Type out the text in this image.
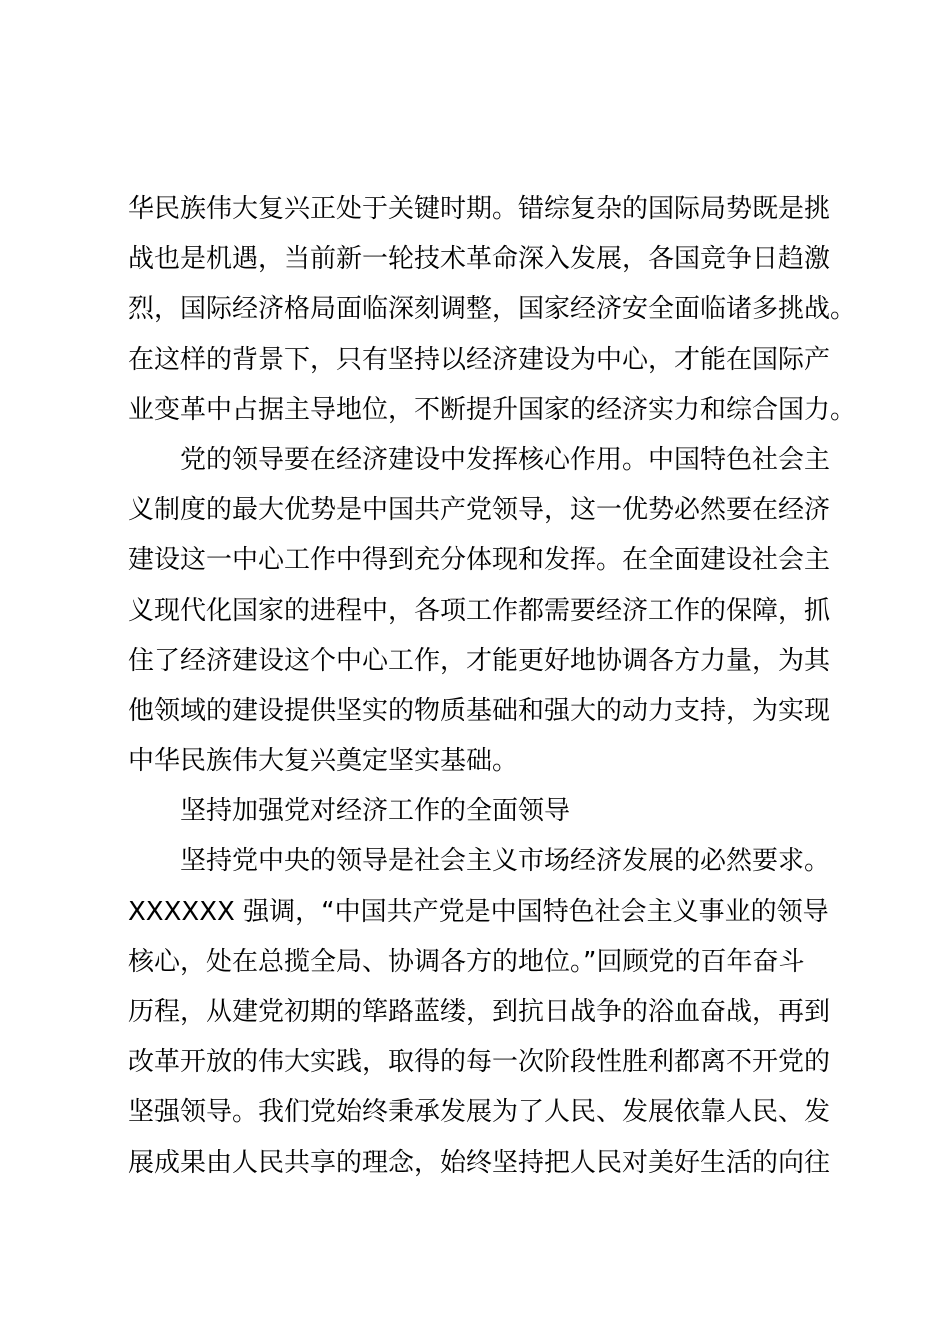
华民族伟大复兴正处于关键时期。错综复杂的国际局势既是挑
战也是机遇，当前新一轮技术革命深入发展，各国竞争日趋激
烈，国际经济格局面临深刻调整，国家经济安全面临诸多挑战。
在这样的背景下，只有坚持以经济建设为中心，才能在国际产
业变革中占据主导地位，不断提升国家的经济实力和综合国力。
党的领导要在经济建设中发挥核心作用。中国特色社会主
义制度的最大优势是中国共产党领导，这一优势必然要在经济
建设这一中心工作中得到充分体现和发挥。在全面建设社会主
义现代化国家的进程中，各项工作都需要经济工作的保障，抓
住了经济建设这个中心工作，才能更好地协调各方力量，为其
他领域的建设提供坚实的物质基础和强大的动力支持，为实现
中华民族伟大复兴奠定坚实基础。
坚持加强党对经济工作的全面领导
坚持党中央的领导是社会主义市场经济发展的必然要求。
XXXXXX 强调，“中国共产党是中国特色社会主义事业的领导
核心，处在总揽全局、协调各方的地位。”回顾党的百年奋斗
历程，从建党初期的筚路蓝缕，到抗日战争的浴血奋战，再到
改革开放的伟大实践，取得的每一次阶段性胜利都离不开党的
坚强领导。我们党始终秉承发展为了人民、发展依靠人民、发
展成果由人民共享的理念，始终坚持把人民对美好生活的向往
